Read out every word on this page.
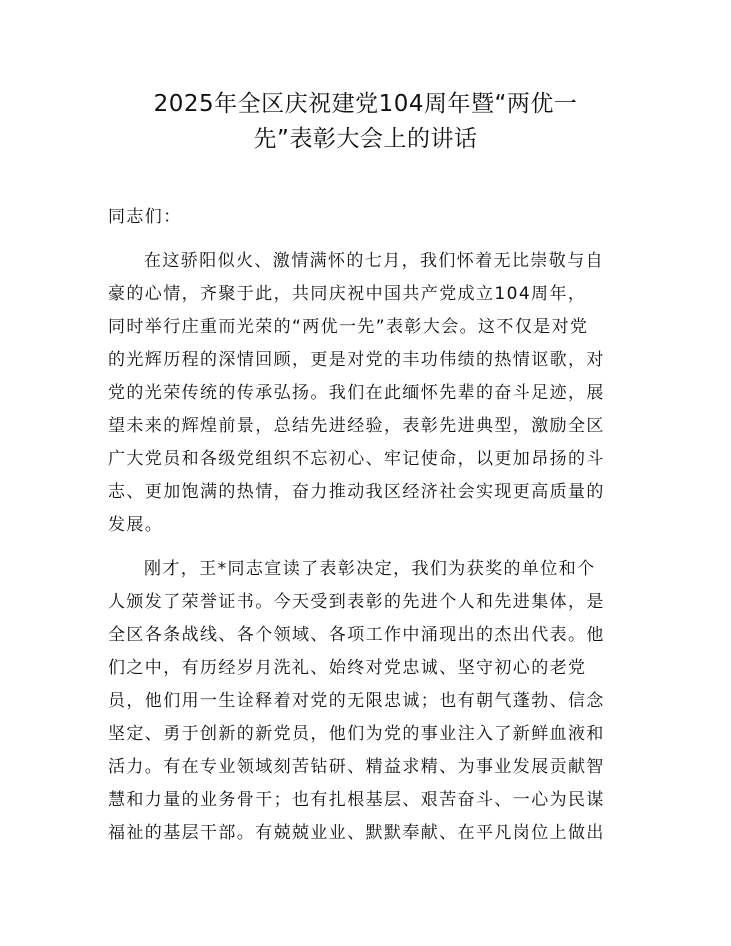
2025年全区庆祝建党104周年暨“两优一
先”表彰大会上的讲话

同志们：

在这骄阳似火、激情满怀的七月，我们怀着无比崇敬与自

豪的心情，齐聚于此，共同庆祝中国共产党成立104周年，

同时举行庄重而光荣的“两优一先”表彰大会。这不仅是对党

的光辉历程的深情回顾，更是对党的丰功伟绩的热情讴歌，对

党的光荣传统的传承弘扬。我们在此缅怀先辈的奋斗足迹，展

望未来的辉煌前景，总结先进经验，表彰先进典型，激励全区

广大党员和各级党组织不忘初心、牢记使命，以更加昂扬的斗

志、更加饱满的热情，奋力推动我区经济社会实现更高质量的

发展。

刚才，王*同志宣读了表彰决定，我们为获奖的单位和个

人颁发了荣誉证书。今天受到表彰的先进个人和先进集体，是

全区各条战线、各个领域、各项工作中涌现出的杰出代表。他

们之中，有历经岁月洗礼、始终对党忠诚、坚守初心的老党

员，他们用一生诠释着对党的无限忠诚；也有朝气蓬勃、信念

坚定、勇于创新的新党员，他们为党的事业注入了新鲜血液和

活力。有在专业领域刻苦钻研、精益求精、为事业发展贡献智

慧和力量的业务骨干；也有扎根基层、艰苦奋斗、一心为民谋

福祉的基层干部。有兢兢业业、默默奉献、在平凡岗位上做出
